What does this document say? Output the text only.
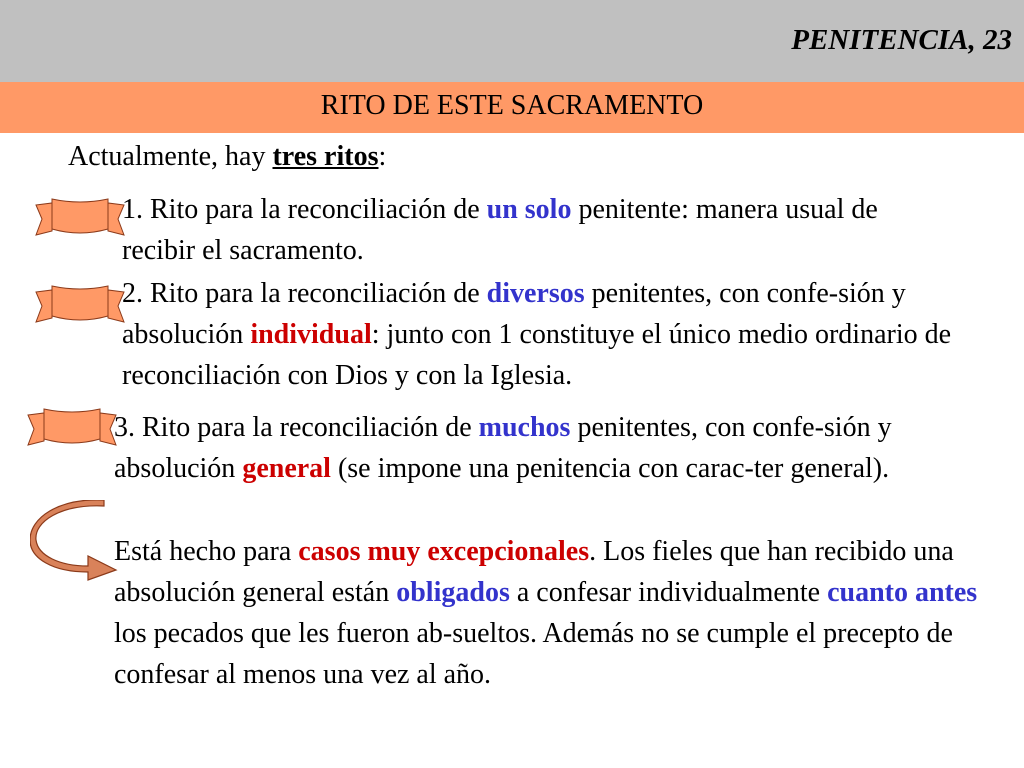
PENITENCIA, 23
RITO DE ESTE SACRAMENTO
Actualmente, hay tres ritos:

1. Rito para la reconciliación de un solo penitente: manera usual de recibir el sacramento.

2. Rito para la reconciliación de diversos penitentes, con confe-sión y absolución individual: junto con 1 constituye el único medio ordinario de reconciliación con Dios y con la Iglesia.

3. Rito para la reconciliación de muchos penitentes, con confe-sión y absolución general (se impone una penitencia con carac-ter general).

Está hecho para casos muy excepcionales. Los fieles que han recibido una absolución general están obligados a confesar individualmente cuanto antes los pecados que les fueron ab-sueltos. Además no se cumple el precepto de confesar al menos una vez al año.
